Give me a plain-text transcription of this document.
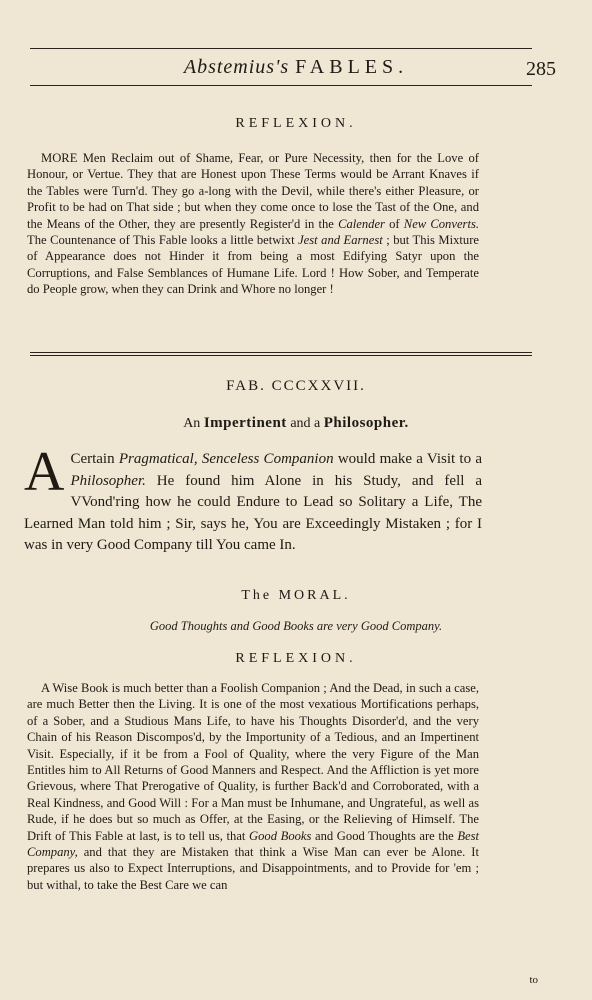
Abstemius's FABLES.	285
REFLEXION.

MORE Men Reclaim out of Shame, Fear, or Pure Necessity, then for the Love of Honour, or Vertue. They that are Honest upon These Terms would be Arrant Knaves if the Tables were Turn'd. They go a-long with the Devil, while there's either Pleasure, or Profit to be had on That side ; but when they come once to lose the Tast of the One, and the Means of the Other, they are presently Register'd in the Calender of New Converts. The Countenance of This Fable looks a little betwixt Jest and Earnest ; but This Mixture of Appearance does not Hinder it from being a most Edifying Satyr upon the Corruptions, and False Semblances of Humane Life. Lord ! How Sober, and Temperate do People grow, when they can Drink and Whore no longer !

FAB. CCCXXVII.
An Impertinent and a Philosopher.

A Certain Pragmatical, Senceless Companion would make a Visit to a Philosopher. He found him Alone in his Study, and fell a VVond'ring how he could Endure to Lead so Solitary a Life, The Learned Man told him ; Sir, says he, You are Exceedingly Mistaken ; for I was in very Good Company till You came In.

The MORAL.
Good Thoughts and Good Books are very Good Company.
REFLEXION.

A Wise Book is much better than a Foolish Companion ; And the Dead, in such a case, are much Better then the Living. It is one of the most vexatious Mortifications perhaps, of a Sober, and a Studious Mans Life, to have his Thoughts Disorder'd, and the very Chain of his Reason Discompos'd, by the Importunity of a Tedious, and an Impertinent Visit. Especially, if it be from a Fool of Quality, where the very Figure of the Man Entitles him to All Returns of Good Manners and Respect. And the Affliction is yet more Grievous, where That Prerogative of Quality, is further Back'd and Corroborated, with a Real Kindness, and Good Will : For a Man must be Inhumane, and Ungrateful, as well as Rude, if he does but so much as Offer, at the Easing, or the Relieving of Himself. The Drift of This Fable at last, is to tell us, that Good Books and Good Thoughts are the Best Company, and that they are Mistaken that think a Wise Man can ever be Alone. It prepares us also to Expect Interruptions, and Disappointments, and to Provide for 'em ; but withal, to take the Best Care we can

to
